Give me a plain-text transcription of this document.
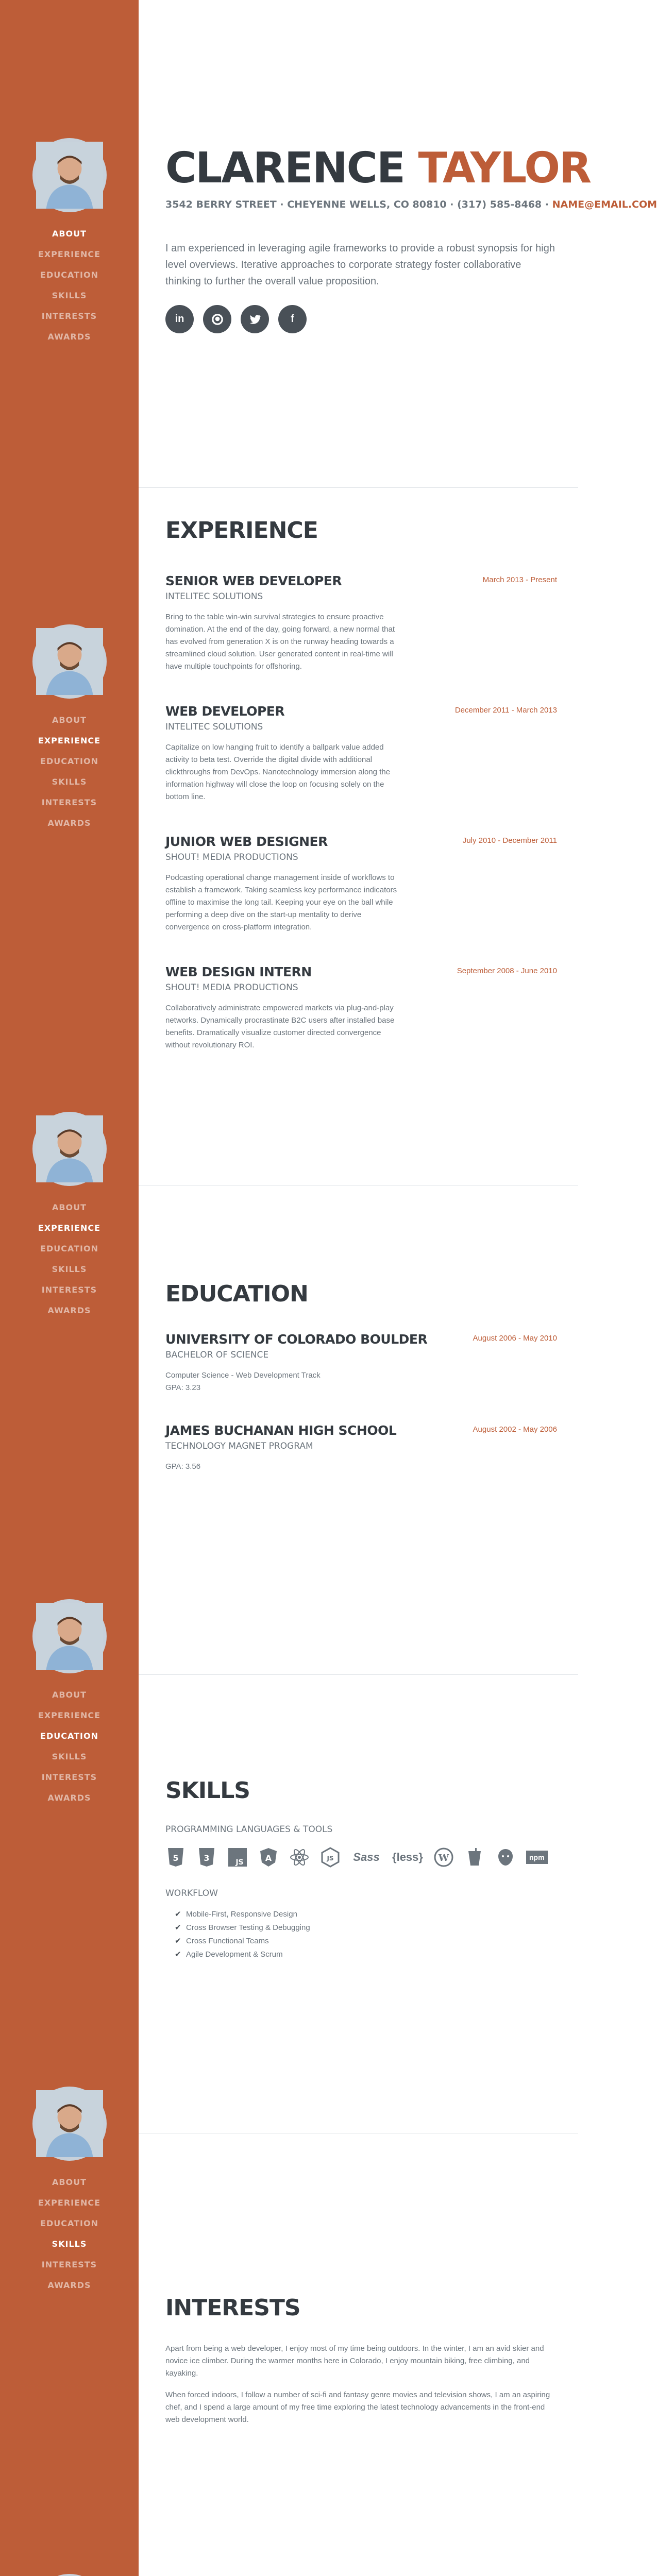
ABOUT
EXPERIENCE
EDUCATION
SKILLS
INTERESTS
AWARDS
ABOUT
EXPERIENCE
EDUCATION
SKILLS
INTERESTS
AWARDS
ABOUT
EXPERIENCE
EDUCATION
SKILLS
INTERESTS
AWARDS
ABOUT
EXPERIENCE
EDUCATION
SKILLS
INTERESTS
AWARDS
ABOUT
EXPERIENCE
EDUCATION
SKILLS
INTERESTS
AWARDS
CLARENCE TAYLOR
3542 BERRY STREET · CHEYENNE WELLS, CO 80810 · (317) 585-8468 · NAME@EMAIL.COM

I am experienced in leveraging agile frameworks to provide a robust synopsis for high level overviews. Iterative approaches to corporate strategy foster collaborative thinking to further the overall value proposition.

in	f
EXPERIENCE
SENIOR WEB DEVELOPER
INTELITEC SOLUTIONS
Bring to the table win-win survival strategies to ensure proactive domination. At the end of the day, going forward, a new normal that has evolved from generation X is on the runway heading towards a streamlined cloud solution. User generated content in real-time will have multiple touchpoints for offshoring.
March 2013 - Present
WEB DEVELOPER
INTELITEC SOLUTIONS
Capitalize on low hanging fruit to identify a ballpark value added activity to beta test. Override the digital divide with additional clickthroughs from DevOps. Nanotechnology immersion along the information highway will close the loop on focusing solely on the bottom line.
December 2011 - March 2013
JUNIOR WEB DESIGNER
SHOUT! MEDIA PRODUCTIONS
Podcasting operational change management inside of workflows to establish a framework. Taking seamless key performance indicators offline to maximise the long tail. Keeping your eye on the ball while performing a deep dive on the start-up mentality to derive convergence on cross-platform integration.
July 2010 - December 2011
WEB DESIGN INTERN
SHOUT! MEDIA PRODUCTIONS
Collaboratively administrate empowered markets via plug-and-play networks. Dynamically procrastinate B2C users after installed base benefits. Dramatically visualize customer directed convergence without revolutionary ROI.
September 2008 - June 2010
EDUCATION
UNIVERSITY OF COLORADO BOULDER
BACHELOR OF SCIENCE
Computer Science - Web Development Track
GPA: 3.23
August 2006 - May 2010
JAMES BUCHANAN HIGH SCHOOL
TECHNOLOGY MAGNET PROGRAM
GPA: 3.56
August 2002 - May 2006
SKILLS
PROGRAMMING LANGUAGES & TOOLS
5	3	JS	A	JS Sass {less} W	npm
WORKFLOW
✔ Mobile-First, Responsive Design
✔ Cross Browser Testing & Debugging
✔ Cross Functional Teams
✔ Agile Development & Scrum
INTERESTS

Apart from being a web developer, I enjoy most of my time being outdoors. In the winter, I am an avid skier and novice ice climber. During the warmer months here in Colorado, I enjoy mountain biking, free climbing, and kayaking.

When forced indoors, I follow a number of sci-fi and fantasy genre movies and television shows, I am an aspiring chef, and I spend a large amount of my free time exploring the latest technology advancements in the front-end web development world.
